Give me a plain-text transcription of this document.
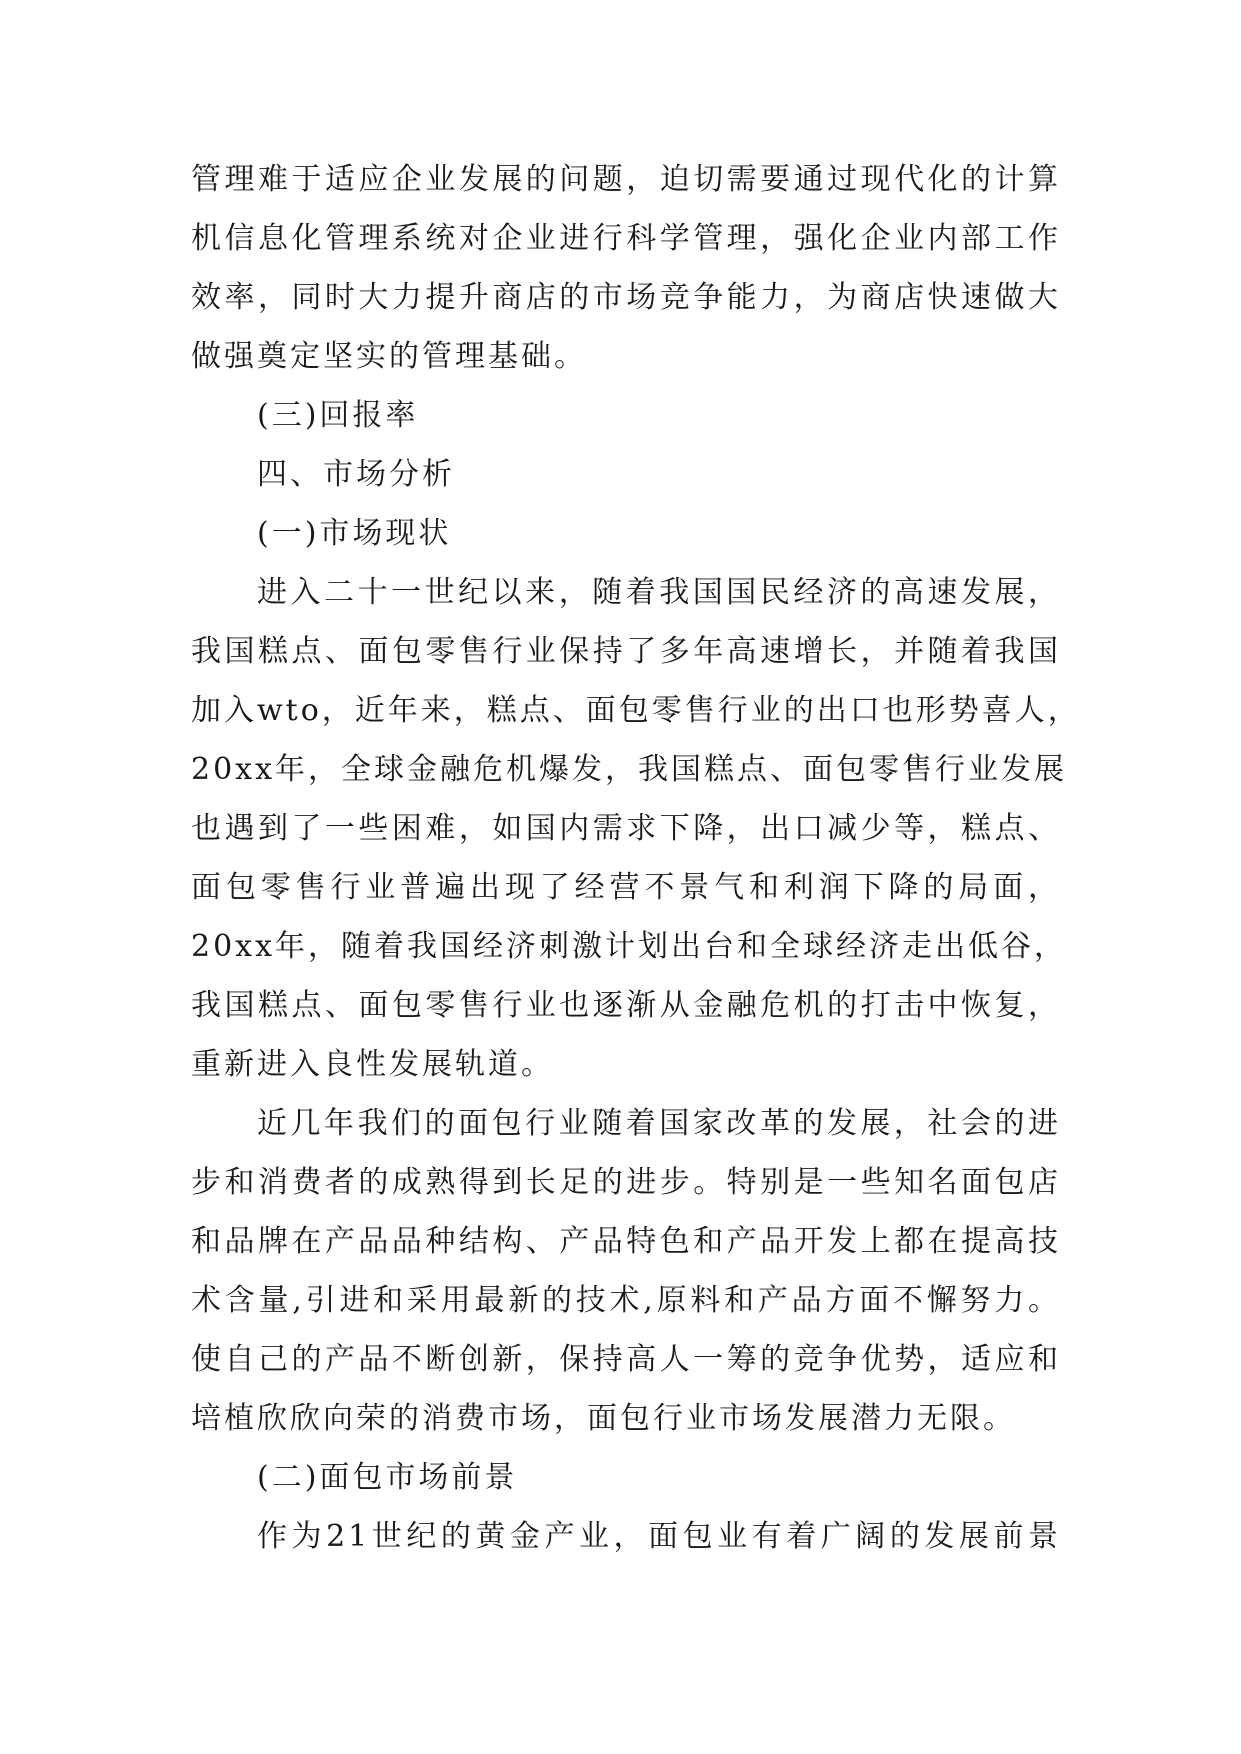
管理难于适应企业发展的问题，迫切需要通过现代化的计算
机信息化管理系统对企业进行科学管理，强化企业内部工作
效率，同时大力提升商店的市场竞争能力，为商店快速做大
做强奠定坚实的管理基础。
(三)回报率
四、市场分析
(一)市场现状
进入二十一世纪以来，随着我国国民经济的高速发展，
我国糕点、面包零售行业保持了多年高速增长，并随着我国
加入wto，近年来，糕点、面包零售行业的出口也形势喜人，
20xx年，全球金融危机爆发，我国糕点、面包零售行业发展
也遇到了一些困难，如国内需求下降，出口减少等，糕点、
面包零售行业普遍出现了经营不景气和利润下降的局面，
20xx年，随着我国经济刺激计划出台和全球经济走出低谷，
我国糕点、面包零售行业也逐渐从金融危机的打击中恢复，
重新进入良性发展轨道。
近几年我们的面包行业随着国家改革的发展，社会的进
步和消费者的成熟得到长足的进步。特别是一些知名面包店
和品牌在产品品种结构、产品特色和产品开发上都在提高技
术含量,引进和采用最新的技术,原料和产品方面不懈努力。
使自己的产品不断创新，保持高人一筹的竞争优势，适应和
培植欣欣向荣的消费市场，面包行业市场发展潜力无限。
(二)面包市场前景
作为21世纪的黄金产业，面包业有着广阔的发展前景
